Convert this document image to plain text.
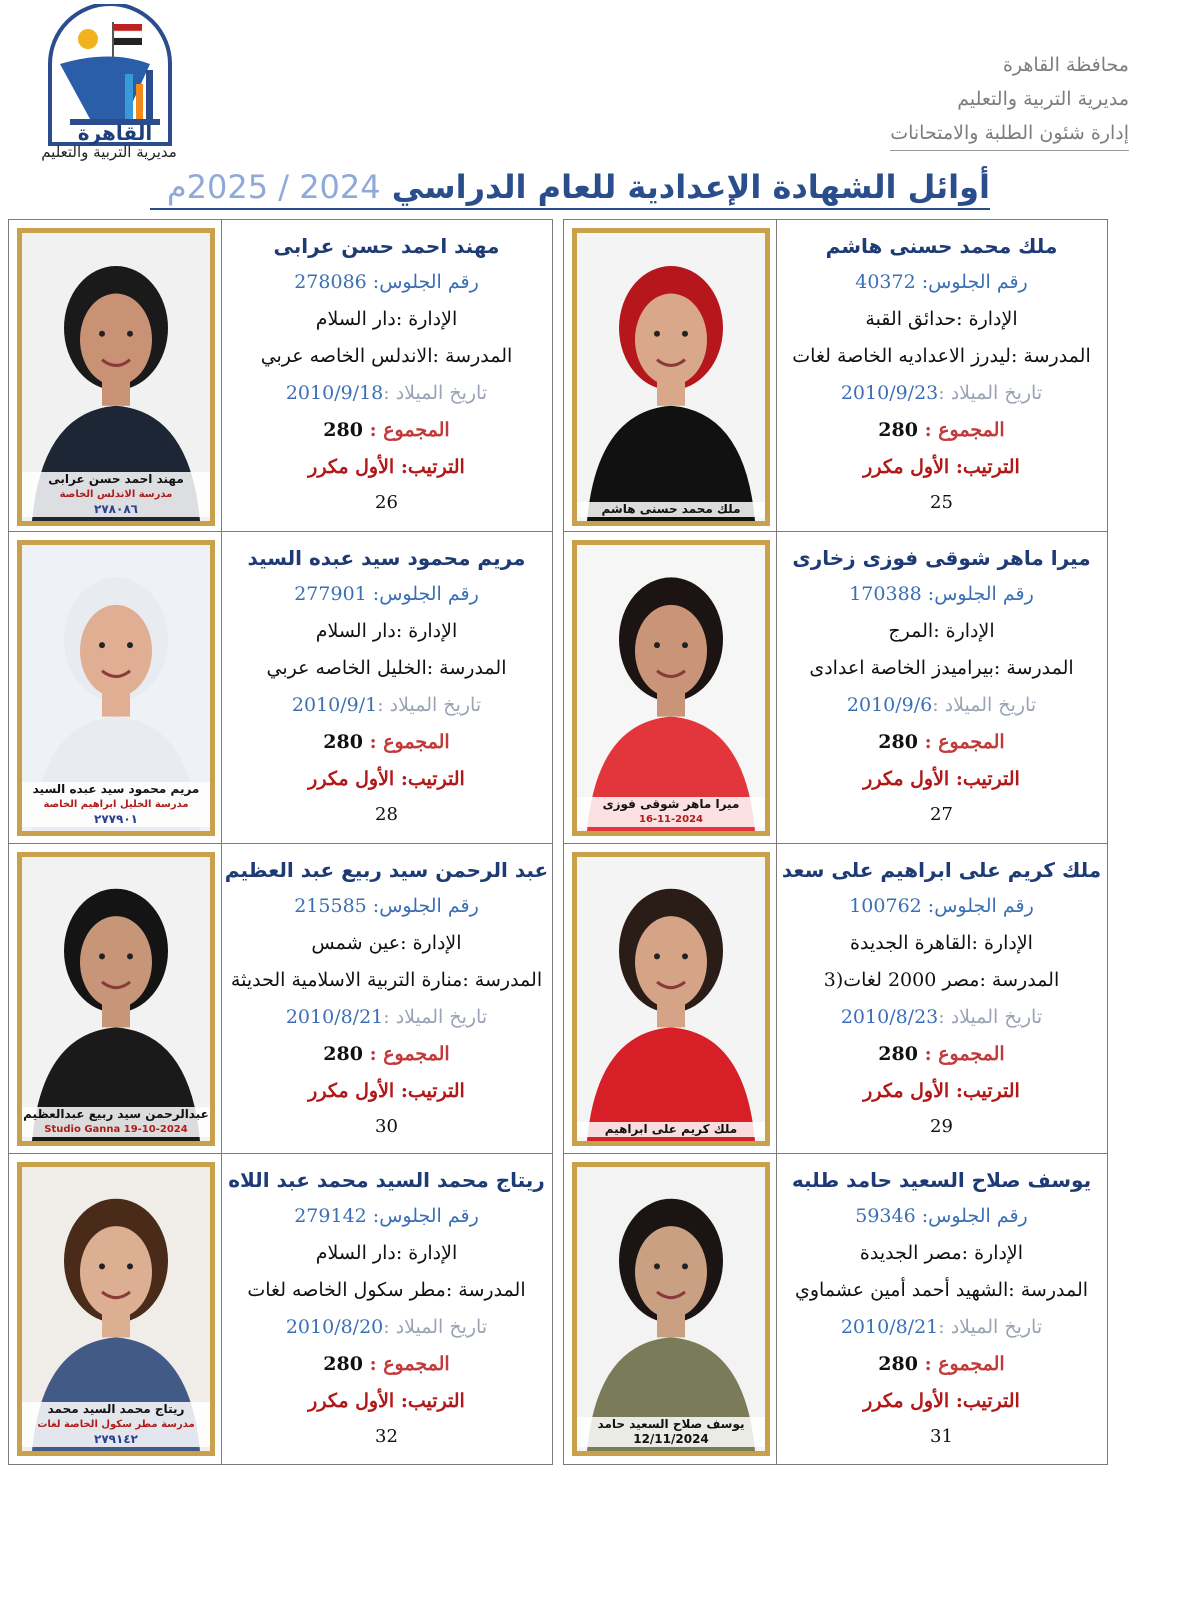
محافظة القاهرة
مديرية التربية والتعليم
إدارة شئون الطلبة والامتحانات
القاهرة
مديرية التربية والتعليم
أوائل الشهادة الإعدادية للعام الدراسي 2024 / 2025م
ملك محمد حسنى هاشم
ملك محمد حسنى هاشم
رقم الجلوس: 40372
الإدارة :حدائق القبة
المدرسة :ليدرز الاعداديه الخاصة لغات
تاريخ الميلاد :2010/9/23
المجموع : 280
الترتيب: الأول مكرر
25
مهند احمد حسن عرابى
مدرسة الاندلس الخاصة
٢٧٨٠٨٦
مهند احمد حسن عرابى
رقم الجلوس: 278086
الإدارة :دار السلام
المدرسة :الاندلس الخاصه عربي
تاريخ الميلاد :2010/9/18
المجموع : 280
الترتيب: الأول مكرر
26
ميرا ماهر شوقى فوزى
16-11-2024
ميرا ماهر شوقى فوزى زخارى
رقم الجلوس: 170388
الإدارة :المرج
المدرسة :بيراميدز الخاصة اعدادى
تاريخ الميلاد :2010/9/6
المجموع : 280
الترتيب: الأول مكرر
27
مريم محمود سيد عبده السيد
مدرسة الخليل ابراهيم الخاصة
٢٧٧٩٠١
مريم محمود سيد عبده السيد
رقم الجلوس: 277901
الإدارة :دار السلام
المدرسة :الخليل الخاصه عربي
تاريخ الميلاد :2010/9/1
المجموع : 280
الترتيب: الأول مكرر
28
ملك كريم على ابراهيم
ملك كريم على ابراهيم على سعد
رقم الجلوس: 100762
الإدارة :القاهرة الجديدة
المدرسة :مصر 2000 لغات(3
تاريخ الميلاد :2010/8/23
المجموع : 280
الترتيب: الأول مكرر
29
عبدالرحمن سيد ربيع عبدالعظيم
Studio Ganna 19-10-2024
عبد الرحمن سيد ربيع عبد العظيم
رقم الجلوس: 215585
الإدارة :عين شمس
المدرسة :منارة التربية الاسلامية الحديثة
تاريخ الميلاد :2010/8/21
المجموع : 280
الترتيب: الأول مكرر
30
يوسف صلاح السعيد حامد 12/11/2024
يوسف صلاح السعيد حامد طلبه
رقم الجلوس: 59346
الإدارة :مصر الجديدة
المدرسة :الشهيد أحمد أمين عشماوي
تاريخ الميلاد :2010/8/21
المجموع : 280
الترتيب: الأول مكرر
31
ريتاج محمد السيد محمد
مدرسة مطر سكول الخاصة لغات
٢٧٩١٤٢
ريتاج محمد السيد محمد عبد اللاه
رقم الجلوس: 279142
الإدارة :دار السلام
المدرسة :مطر سكول الخاصه لغات
تاريخ الميلاد :2010/8/20
المجموع : 280
الترتيب: الأول مكرر
32
